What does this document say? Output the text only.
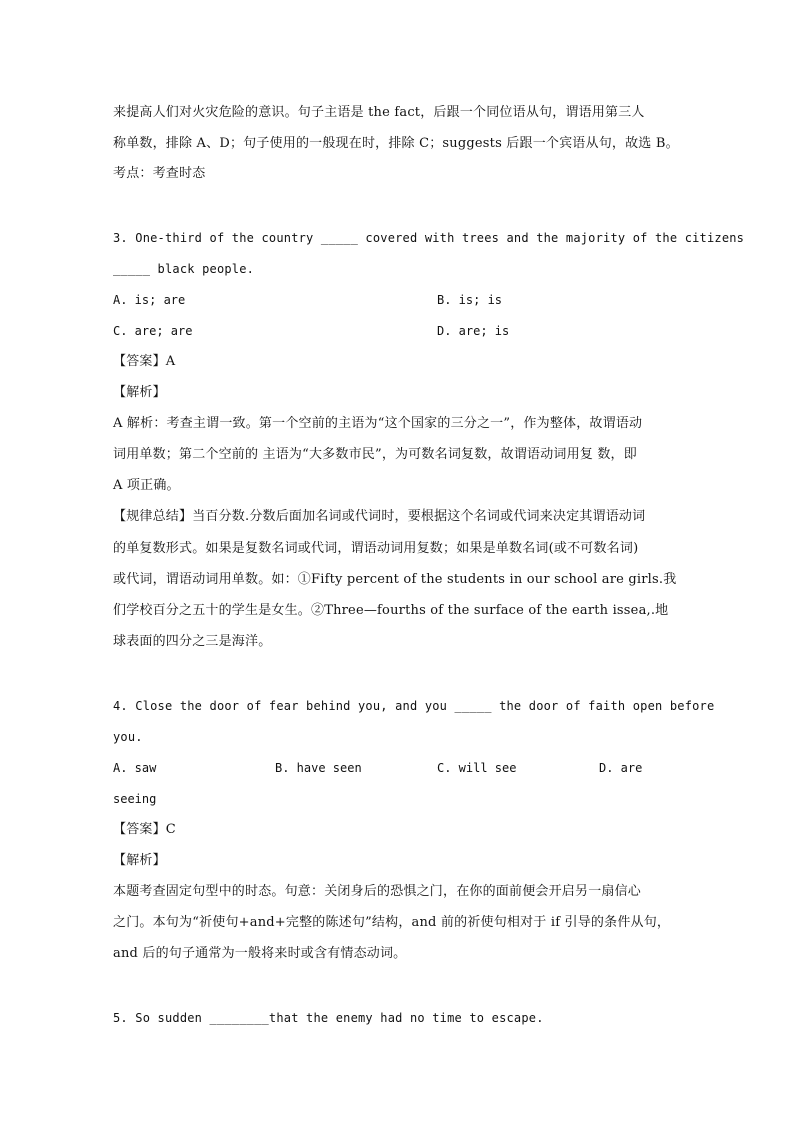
来提高人们对火灾危险的意识。句子主语是 the fact，后跟一个同位语从句，谓语用第三人
称单数，排除 A、D；句子使用的一般现在时，排除 C；suggests 后跟一个宾语从句，故选 B。
考点：考查时态
3. One-third of the country _____ covered with trees and the majority of the citizens
_____ black people.
A. is; are	B. is; is
C. are; are	D. are; is
【答案】A
【解析】
A 解析：考查主谓一致。第一个空前的主语为“这个国家的三分之一”，作为整体，故谓语动
词用单数；第二个空前的 主语为“大多数市民”，为可数名词复数，故谓语动词用复 数，即
A 项正确。
【规律总结】当百分数.分数后面加名词或代词时，要根据这个名词或代词来决定其谓语动词
的单复数形式。如果是复数名词或代词，谓语动词用复数；如果是单数名词(或不可数名词)
或代词，谓语动词用单数。如：①Fifty percent of the students in our school are girls.我
们学校百分之五十的学生是女生。②Three—fourths of the surface of the earth issea,.地
球表面的四分之三是海洋。
4. Close the door of fear behind you, and you _____ the door of faith open before
you.
A. saw	B. have seen	C. will see	D. are
seeing
【答案】C
【解析】
本题考查固定句型中的时态。句意：关闭身后的恐惧之门，在你的面前便会开启另一扇信心
之门。本句为“祈使句+and+完整的陈述句”结构，and 前的祈使句相对于 if 引导的条件从句，
and 后的句子通常为一般将来时或含有情态动词。
5. So sudden ________that the enemy had no time to escape.
